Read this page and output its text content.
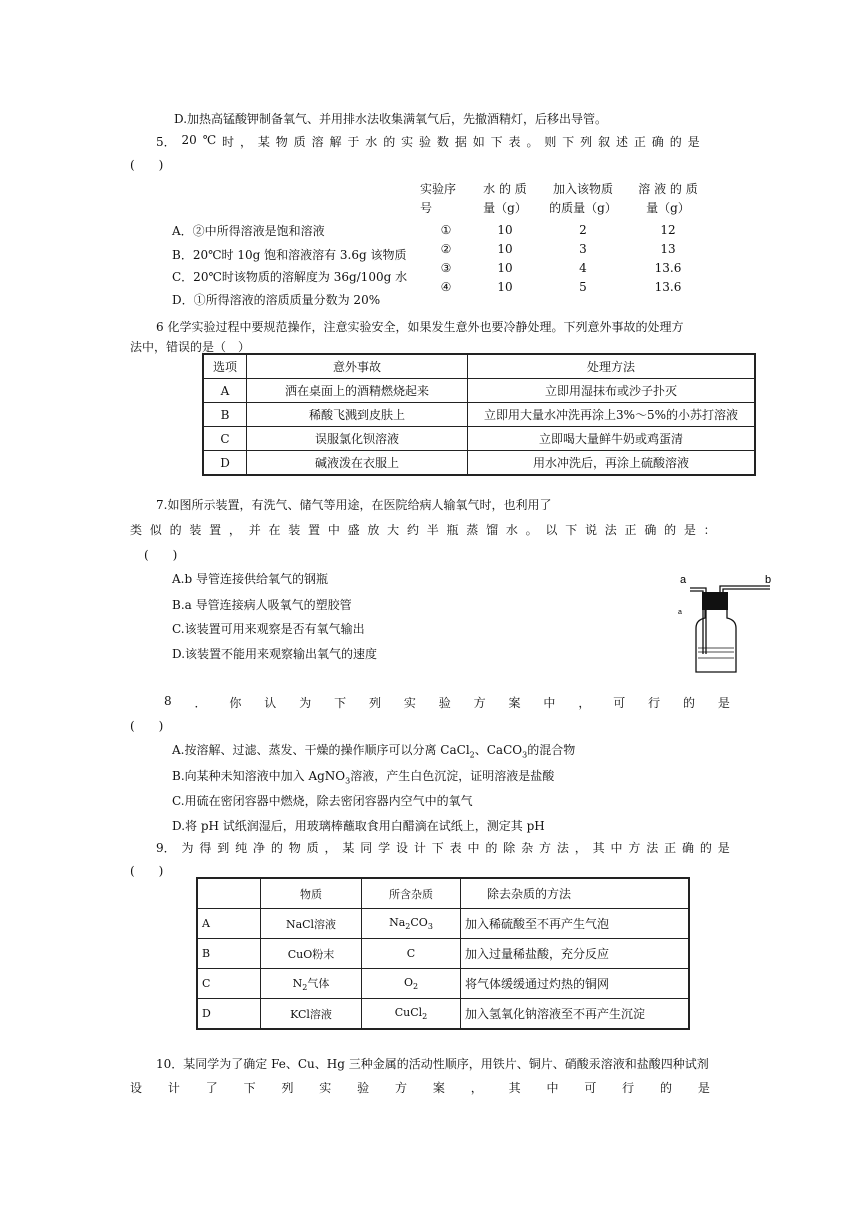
D.加热高锰酸钾制备氧气、并用排水法收集满氧气后，先撤酒精灯，后移出导管。
5． 20 ℃ 时 ， 某 物 质 溶 解 于 水 的 实 验 数 据 如 下 表 。 则 下 列 叙 述 正 确 的 是
(　　)
A．②中所得溶液是饱和溶液
B．20℃时 10g 饱和溶液溶有 3.6g 该物质
C．20℃时该物质的溶解度为 36g/100g 水
D．①所得溶液的溶质质量分数为 20%
实验序	水 的 质	加入该物质	溶 液 的 质
号	量（g）	的质量（g）	量（g）
①	10	2	12
②	10	3	13
③	10	4	13.6
④	10	5	13.6
6 化学实验过程中要规范操作，注意实验安全，如果发生意外也要冷静处理。下列意外事故的处理方
法中，错误的是（　）
选项	意外事故	处理方法
A	洒在桌面上的酒精燃烧起来	立即用湿抹布或沙子扑灭
B	稀酸飞溅到皮肤上	立即用大量水冲洗再涂上3%～5%的小苏打溶液
C	误服氯化钡溶液	立即喝大量鲜牛奶或鸡蛋清
D	碱液泼在衣服上	用水冲洗后，再涂上硫酸溶液
7.如图所示装置，有洗气、储气等用途，在医院给病人输氧气时，也利用了
类 似 的 装 置 ， 并 在 装 置 中 盛 放 大 约 半 瓶 蒸 馏 水 。 以 下 说 法 正 确 的 是 ：
(　　)
A.b 导管连接供给氧气的钢瓶
B.a 导管连接病人吸氧气的塑胶管
C.该装置可用来观察是否有氧气输出
D.该装置不能用来观察输出氧气的速度
a	b
a
8 ． 你 认 为 下 列 实 验 方 案 中 ， 可 行 的 是
(　　)
A.按溶解、过滤、蒸发、干燥的操作顺序可以分离 CaCl$_2$、CaCO$_3$的混合物
B.向某种未知溶液中加入 AgNO$_3$溶液，产生白色沉淀，证明溶液是盐酸
C.用硫在密闭容器中燃烧，除去密闭容器内空气中的氧气
D.将 pH 试纸润湿后，用玻璃棒蘸取食用白醋滴在试纸上，测定其 pH
9． 为 得 到 纯 净 的 物 质 ， 某 同 学 设 计 下 表 中 的 除 杂 方 法 ， 其 中 方 法 正 确 的 是
(　　)
	物质	所含杂质	除去杂质的方法
A	NaCl溶液	$Na_2CO_3$	加入稀硫酸至不再产生气泡
B	CuO粉末	C	加入过量稀盐酸，充分反应
C	$N_2$气体	$O_2$	将气体缓缓通过灼热的铜网
D	KCl溶液	CuCl$_2$	加入氢氧化钠溶液至不再产生沉淀
10．某同学为了确定 Fe、Cu、Hg 三种金属的活动性顺序，用铁片、铜片、硝酸汞溶液和盐酸四种试剂
设 计 了 下 列 实 验 方 案 ， 其 中 可 行 的 是
